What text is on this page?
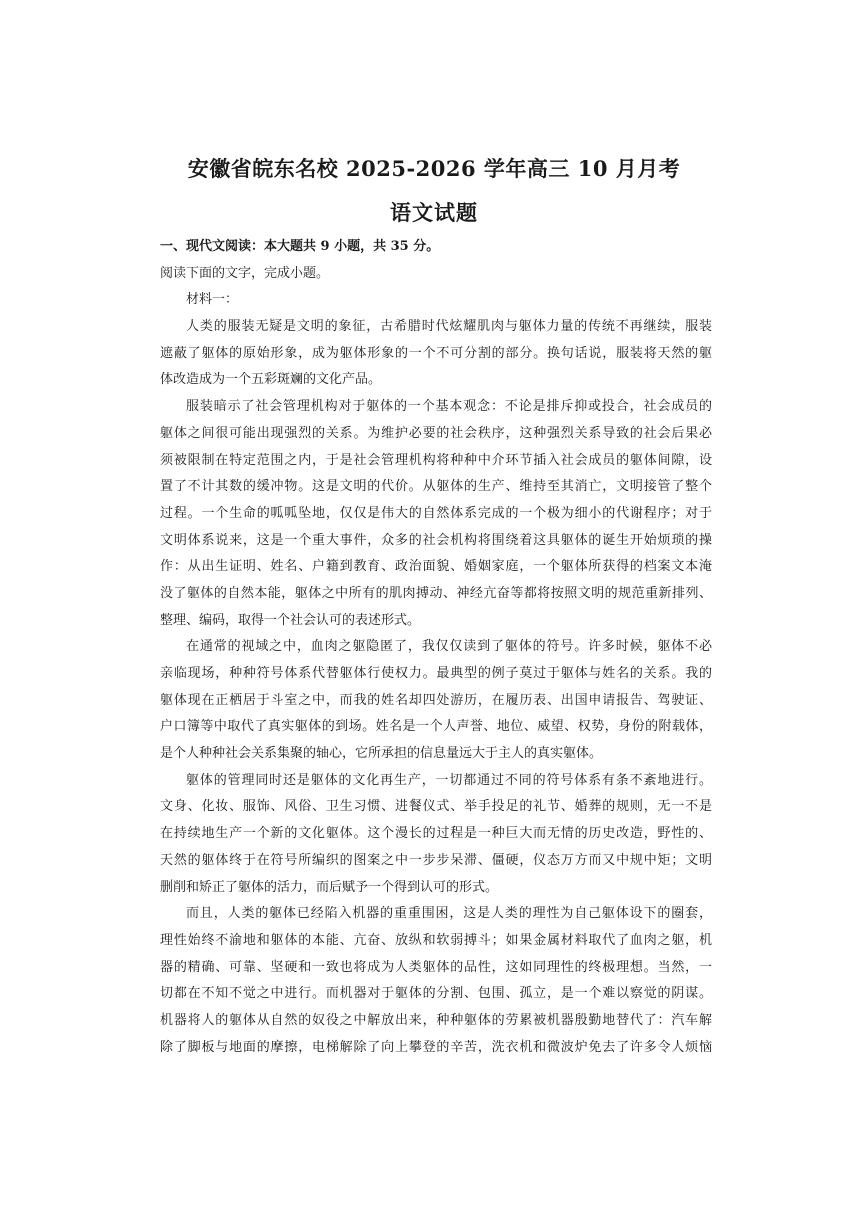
安徽省皖东名校 2025-2026 学年高三 10 月月考
语文试题
一、现代文阅读：本大题共 9 小题，共 35 分。
阅读下面的文字，完成小题。
材料一：
人类的服装无疑是文明的象征，古希腊时代炫耀肌肉与躯体力量的传统不再继续，服装
遮蔽了躯体的原始形象，成为躯体形象的一个不可分割的部分。换句话说，服装将天然的躯
体改造成为一个五彩斑斓的文化产品。
服装暗示了社会管理机构对于躯体的一个基本观念：不论是排斥抑或投合，社会成员的
躯体之间很可能出现强烈的关系。为维护必要的社会秩序，这种强烈关系导致的社会后果必
须被限制在特定范围之内，于是社会管理机构将种种中介环节插入社会成员的躯体间隙，设
置了不计其数的缓冲物。这是文明的代价。从躯体的生产、维持至其消亡，文明接管了整个
过程。一个生命的呱呱坠地，仅仅是伟大的自然体系完成的一个极为细小的代谢程序；对于
文明体系说来，这是一个重大事件，众多的社会机构将围绕着这具躯体的诞生开始烦琐的操
作：从出生证明、姓名、户籍到教育、政治面貌、婚姻家庭，一个躯体所获得的档案文本淹
没了躯体的自然本能，躯体之中所有的肌肉搏动、神经亢奋等都将按照文明的规范重新排列、
整理、编码，取得一个社会认可的表述形式。
在通常的视域之中，血肉之躯隐匿了，我仅仅读到了躯体的符号。许多时候，躯体不必
亲临现场，种种符号体系代替躯体行使权力。最典型的例子莫过于躯体与姓名的关系。我的
躯体现在正栖居于斗室之中，而我的姓名却四处游历，在履历表、出国申请报告、驾驶证、
户口簿等中取代了真实躯体的到场。姓名是一个人声誉、地位、威望、权势，身份的附载体，
是个人种种社会关系集聚的轴心，它所承担的信息量远大于主人的真实躯体。
躯体的管理同时还是躯体的文化再生产，一切都通过不同的符号体系有条不紊地进行。
文身、化妆、服饰、风俗、卫生习惯、进餐仪式、举手投足的礼节、婚葬的规则，无一不是
在持续地生产一个新的文化躯体。这个漫长的过程是一种巨大而无情的历史改造，野性的、
天然的躯体终于在符号所编织的图案之中一步步呆滞、僵硬，仪态万方而又中规中矩；文明
删削和矫正了躯体的活力，而后赋予一个得到认可的形式。
而且，人类的躯体已经陷入机器的重重围困，这是人类的理性为自己躯体设下的圈套，
理性始终不渝地和躯体的本能、亢奋、放纵和软弱搏斗；如果金属材料取代了血肉之躯，机
器的精确、可靠、坚硬和一致也将成为人类躯体的品性，这如同理性的终极理想。当然，一
切都在不知不觉之中进行。而机器对于躯体的分割、包围、孤立，是一个难以察觉的阴谋。
机器将人的躯体从自然的奴役之中解放出来，种种躯体的劳累被机器殷勤地替代了：汽车解
除了脚板与地面的摩擦，电梯解除了向上攀登的辛苦，洗衣机和微波炉免去了许多令人烦恼
